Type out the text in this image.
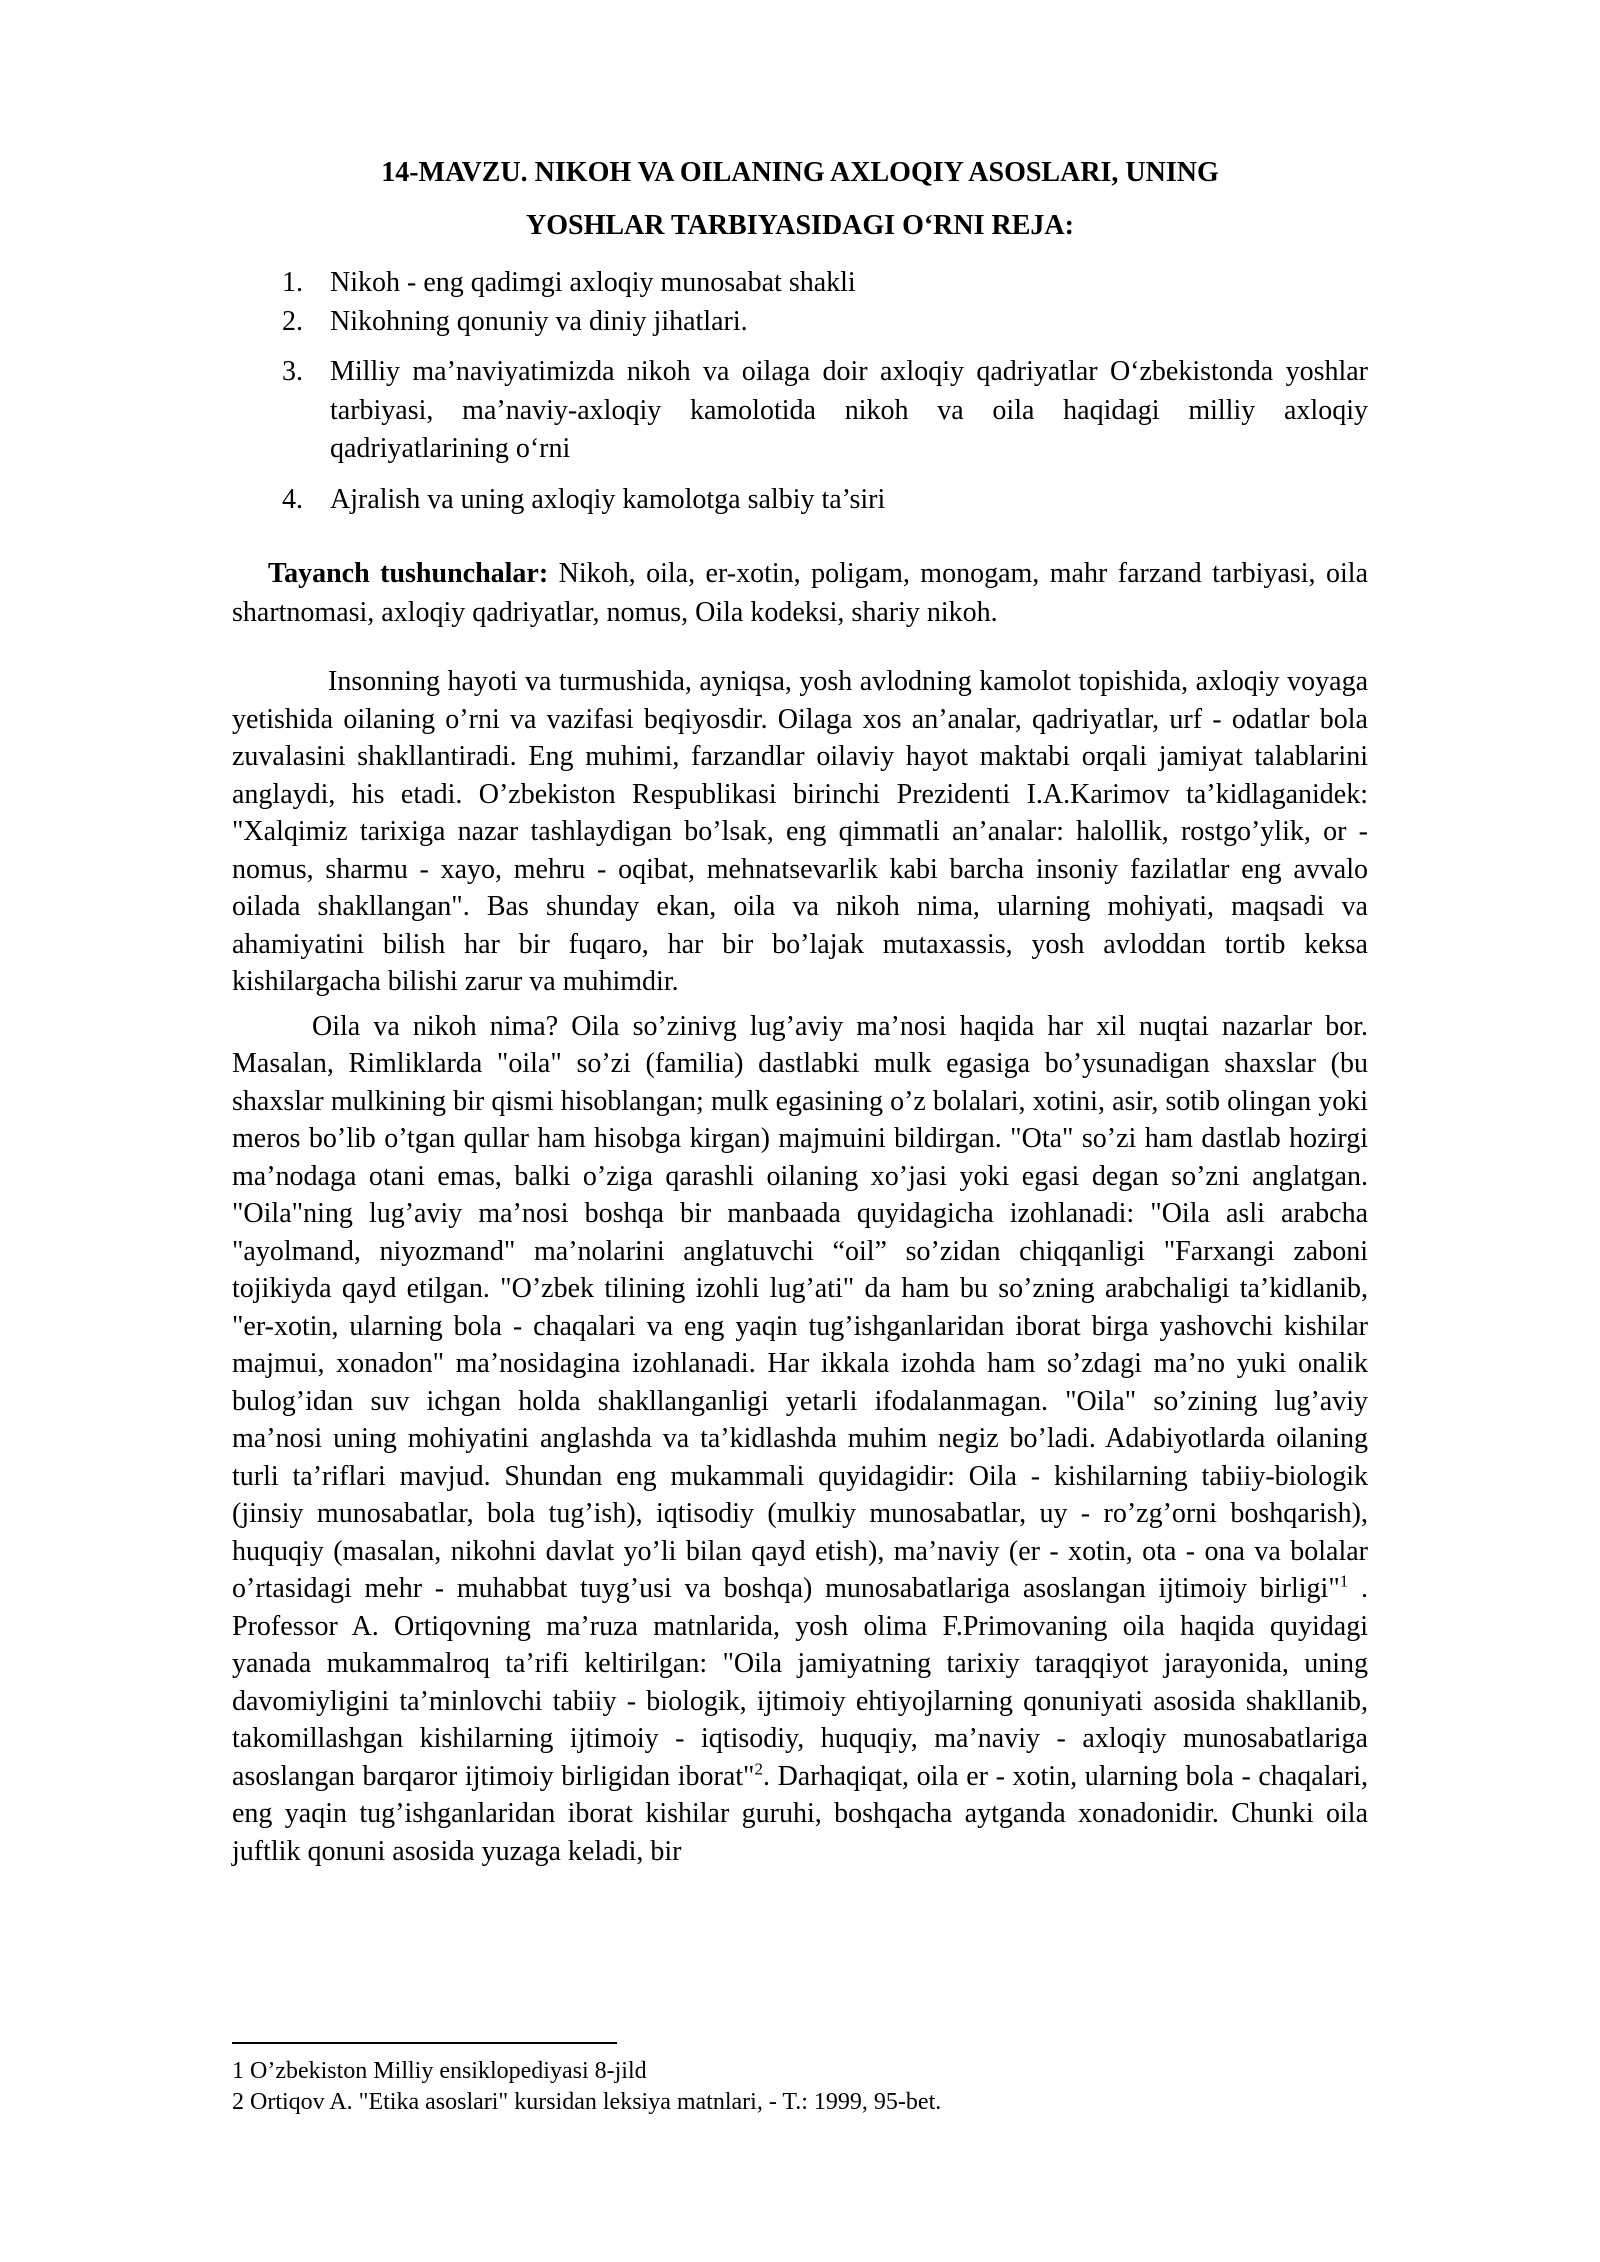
14-MAVZU. NIKOH VA OILANING AXLOQIY ASOSLARI, UNING

YOSHLAR TARBIYASIDAGI O‘RNI REJA:

1. Nikoh - eng qadimgi axloqiy munosabat shakli
2. Nikohning qonuniy va diniy jihatlari.
3. Milliy ma’naviyatimizda nikoh va oilaga doir axloqiy qadriyatlar O‘zbekistonda yoshlar tarbiyasi, ma’naviy-axloqiy kamolotida nikoh va oila haqidagi milliy axloqiy qadriyatlarining o‘rni
4. Ajralish va uning axloqiy kamolotga salbiy ta’siri

Tayanch tushunchalar: Nikoh, oila, er-xotin, poligam, monogam, mahr farzand tarbiyasi, oila shartnomasi, axloqiy qadriyatlar, nomus, Oila kodeksi, shariy nikoh.

Insonning hayoti va turmushida, ayniqsa, yosh avlodning kamolot topishida, axloqiy voyaga yetishida oilaning o’rni va vazifasi beqiyosdir. Oilaga xos an’analar, qadriyatlar, urf - odatlar bola zuvalasini shakllantiradi. Eng muhimi, farzandlar oilaviy hayot maktabi orqali jamiyat talablarini anglaydi, his etadi. O’zbekiston Respublikasi birinchi Prezidenti I.A.Karimov ta’kidlaganidek: "Xalqimiz tarixiga nazar tashlaydigan bo’lsak, eng qimmatli an’analar: halollik, rostgo’ylik, or - nomus, sharmu - xayo, mehru - oqibat, mehnatsevarlik kabi barcha insoniy fazilatlar eng avvalo oilada shakllangan". Bas shunday ekan, oila va nikoh nima, ularning mohiyati, maqsadi va ahamiyatini bilish har bir fuqaro, har bir bo’lajak mutaxassis, yosh avloddan tortib keksa kishilargacha bilishi zarur va muhimdir.

Oila va nikoh nima? Oila so’zinivg lug’aviy ma’nosi haqida har xil nuqtai nazarlar bor. Masalan, Rimliklarda "oila" so’zi (familia) dastlabki mulk egasiga bo’ysunadigan shaxslar (bu shaxslar mulkining bir qismi hisoblangan; mulk egasining o’z bolalari, xotini, asir, sotib olingan yoki meros bo’lib o’tgan qullar ham hisobga kirgan) majmuini bildirgan. "Ota" so’zi ham dastlab hozirgi ma’nodaga otani emas, balki o’ziga qarashli oilaning xo’jasi yoki egasi degan so’zni anglatgan. "Oila"ning lug’aviy ma’nosi boshqa bir manbaada quyidagicha izohlanadi: "Oila asli arabcha "ayolmand, niyozmand" ma’nolarini anglatuvchi “oil” so’zidan chiqqanligi "Farxangi zaboni tojikiyda qayd etilgan. "O’zbek tilining izohli lug’ati" da ham bu so’zning arabchaligi ta’kidlanib, "er-xotin, ularning bola - chaqalari va eng yaqin tug’ishganlaridan iborat birga yashovchi kishilar majmui, xonadon" ma’nosidagina izohlanadi. Har ikkala izohda ham so’zdagi ma’no yuki onalik bulog’idan suv ichgan holda shakllanganligi yetarli ifodalanmagan. "Oila" so’zining lug’aviy ma’nosi uning mohiyatini anglashda va ta’kidlashda muhim negiz bo’ladi. Adabiyotlarda oilaning turli ta’riflari mavjud. Shundan eng mukammali quyidagidir: Oila - kishilarning tabiiy-biologik (jinsiy munosabatlar, bola tug’ish), iqtisodiy (mulkiy munosabatlar, uy - ro’zg’orni boshqarish), huquqiy (masalan, nikohni davlat yo’li bilan qayd etish), ma’naviy (er - xotin, ota - ona va bolalar o’rtasidagi mehr - muhabbat tuyg’usi va boshqa) munosabatlariga asoslangan ijtimoiy birligi"$^1$ . Professor A. Ortiqovning ma’ruza matnlarida, yosh olima F.Primovaning oila haqida quyidagi yanada mukammalroq ta’rifi keltirilgan: "Oila jamiyatning tarixiy taraqqiyot jarayonida, uning davomiyligini ta’minlovchi tabiiy - biologik, ijtimoiy ehtiyojlarning qonuniyati asosida shakllanib, takomillashgan kishilarning ijtimoiy - iqtisodiy, huquqiy, ma’naviy - axloqiy munosabatlariga asoslangan barqaror ijtimoiy birligidan iborat"$^2$. Darhaqiqat, oila er - xotin, ularning bola - chaqalari, eng yaqin tug’ishganlaridan iborat kishilar guruhi, boshqacha aytganda xonadonidir. Chunki oila juftlik qonuni asosida yuzaga keladi, bir

1 O’zbekiston Milliy ensiklopediyasi 8-jild
2 Ortiqov A. "Etika asoslari" kursidan leksiya matnlari, - T.: 1999, 95-bet.
